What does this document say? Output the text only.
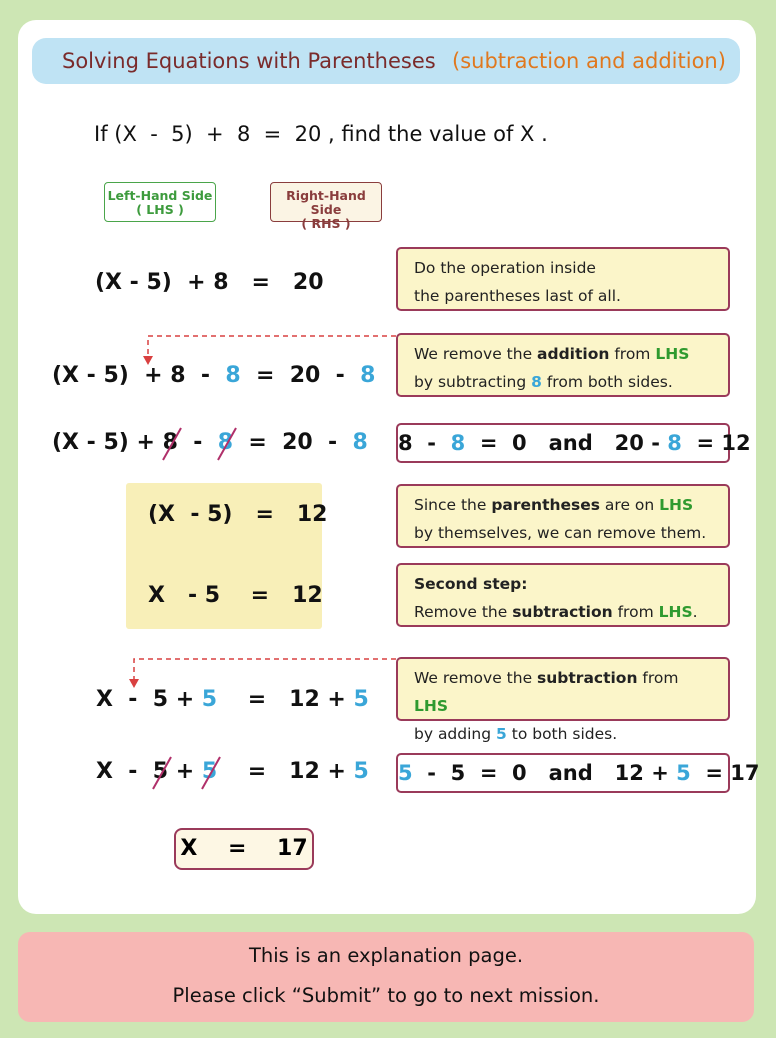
Solving Equations with Parentheses (subtraction and addition)
If (X  -  5)  +  8  =  20 , find the value of X .
Left-Hand Side
( LHS )
Right-Hand Side
( RHS )
(X - 5)  + 8   =   20
Do the operation inside
the parentheses last of all.
(X - 5)  + 8  -  8  =  20  -  8
We remove the addition from LHS
by subtracting 8 from both sides.
(X - 5) + 8
-  8
=  20  -  8 8  -  8  =  0   and   20 - 8  = 12
(X  - 5)   =   12
X   - 5    =   12
Since the parentheses are on LHS
by themselves, we can remove them.
Second step:
Remove the subtraction from LHS.
X  -  5 + 5    =   12 + 5
We remove the subtraction from LHS
by adding 5 to both sides.
X  -  5
+ 5
=   12 + 5 5  -  5  =  0   and   12 + 5  = 17
X    =    17
This is an explanation page.
Please click “Submit” to go to next mission.
